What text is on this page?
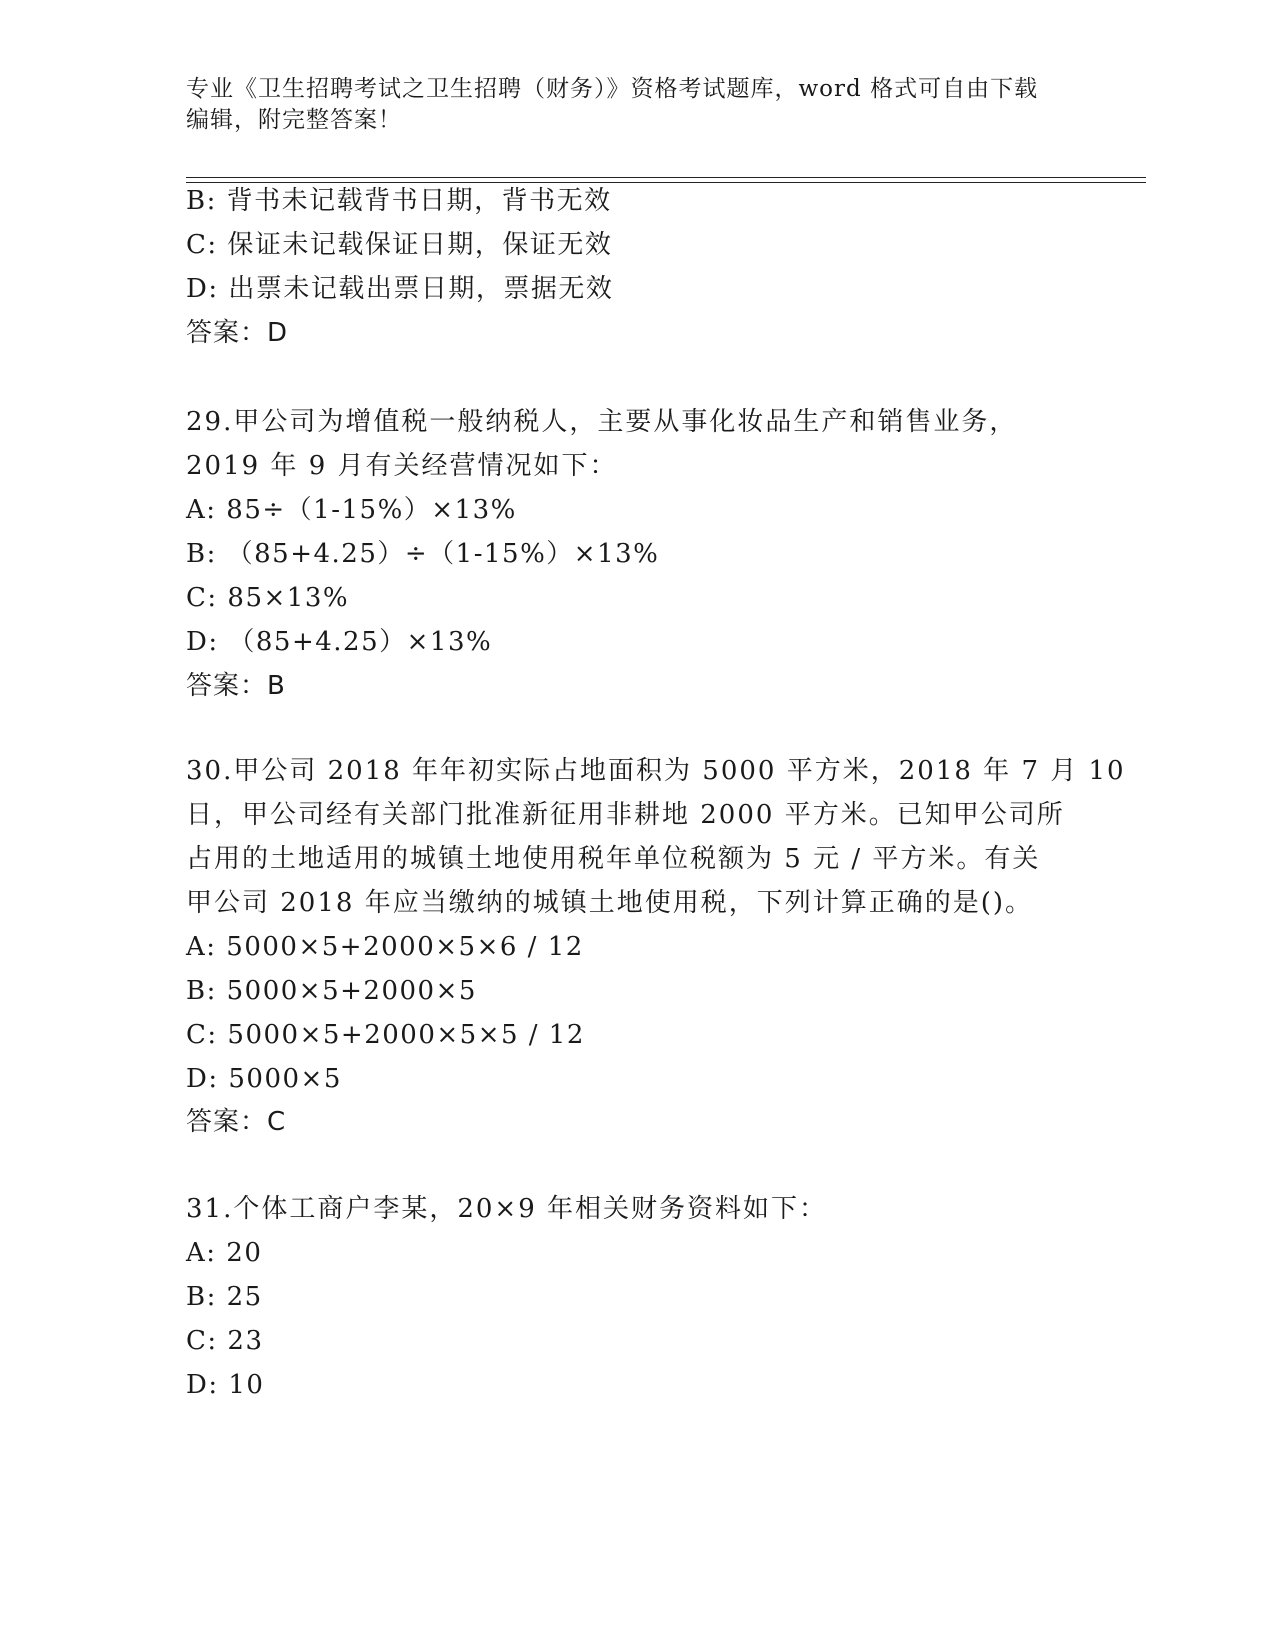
专业《卫生招聘考试之卫生招聘（财务）》资格考试题库，word 格式可自由下载
编辑，附完整答案！
B: 背书未记载背书日期，背书无效
C: 保证未记载保证日期，保证无效
D: 出票未记载出票日期，票据无效
答案：D
29.甲公司为增值税一般纳税人，主要从事化妆品生产和销售业务，
2019 年 9 月有关经营情况如下：
A: 85÷（1-15%）×13%
B: （85+4.25）÷（1-15%）×13%
C: 85×13%
D: （85+4.25）×13%
答案：B
30.甲公司 2018 年年初实际占地面积为 5000 平方米，2018 年 7 月 10
日，甲公司经有关部门批准新征用非耕地 2000 平方米。已知甲公司所
占用的土地适用的城镇土地使用税年单位税额为 5 元 / 平方米。有关
甲公司 2018 年应当缴纳的城镇土地使用税，下列计算正确的是()。
A: 5000×5+2000×5×6 / 12
B: 5000×5+2000×5
C: 5000×5+2000×5×5 / 12
D: 5000×5
答案：C
31.个体工商户李某，20×9 年相关财务资料如下：
A: 20
B: 25
C: 23
D: 10
